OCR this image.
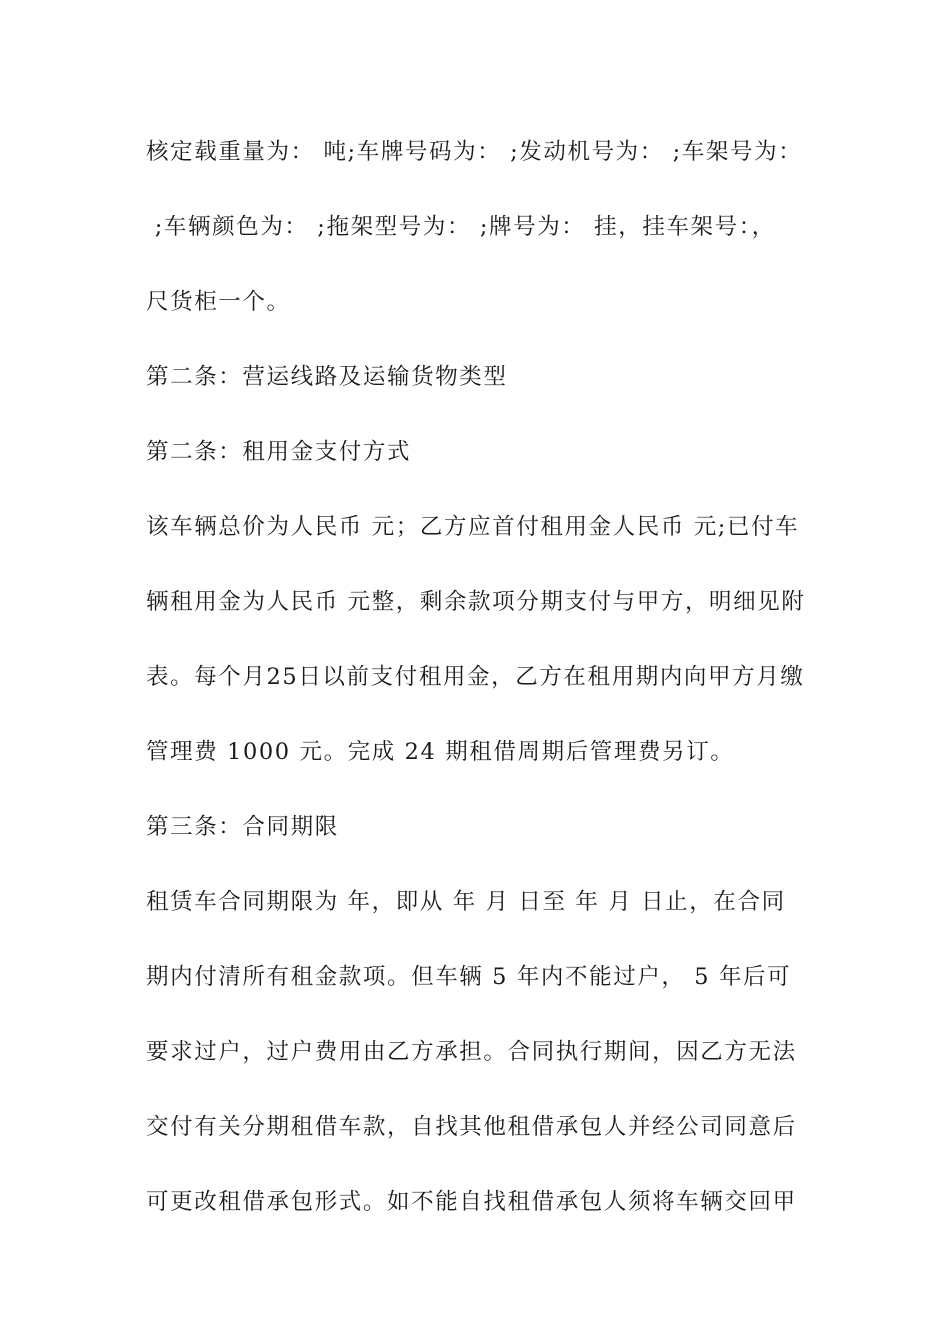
核定载重量为： 吨;车牌号码为： ;发动机号为： ;车架号为：
;车辆颜色为： ;拖架型号为： ;牌号为： 挂，挂车架号：，
尺货柜一个。
第二条：营运线路及运输货物类型
第二条：租用金支付方式
该车辆总价为人民币 元；乙方应首付租用金人民币 元;已付车
辆租用金为人民币 元整，剩余款项分期支付与甲方，明细见附
表。每个月25日以前支付租用金，乙方在租用期内向甲方月缴
管理费 1000 元。完成 24 期租借周期后管理费另订。
第三条：合同期限
租赁车合同期限为 年，即从 年 月 日至 年 月 日止，在合同
期内付清所有租金款项。但车辆 5 年内不能过户， 5 年后可
要求过户，过户费用由乙方承担。合同执行期间，因乙方无法
交付有关分期租借车款，自找其他租借承包人并经公司同意后
可更改租借承包形式。如不能自找租借承包人须将车辆交回甲
